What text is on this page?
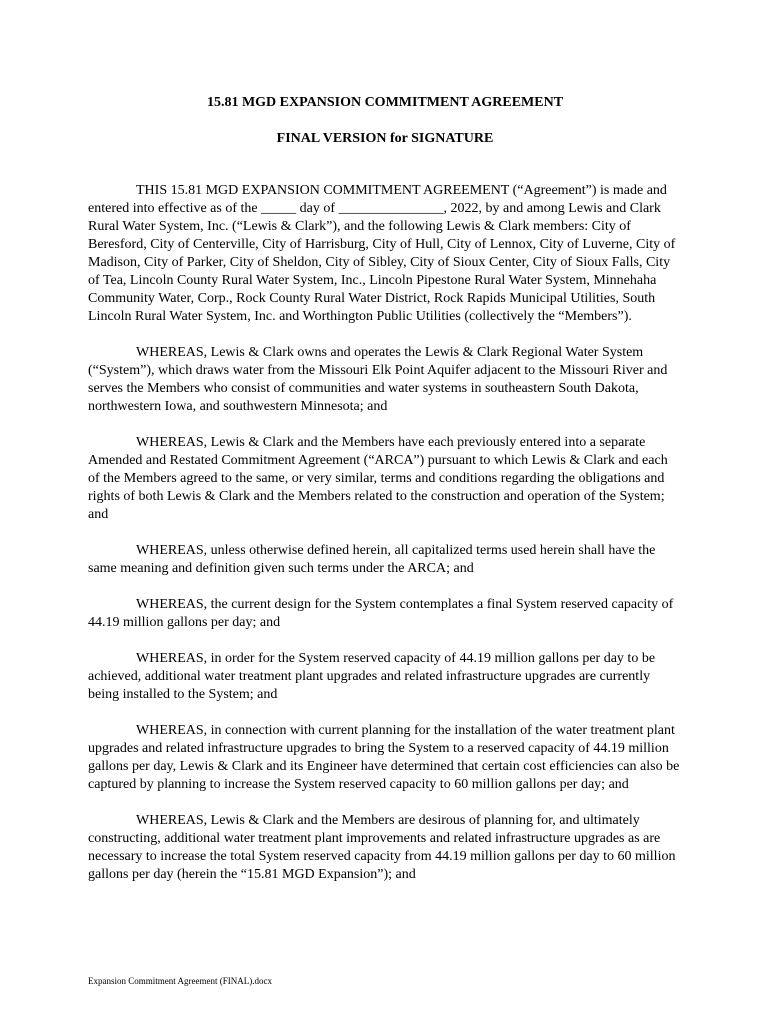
15.81 MGD EXPANSION COMMITMENT AGREEMENT

FINAL VERSION for SIGNATURE

THIS 15.81 MGD EXPANSION COMMITMENT AGREEMENT (“Agreement”) is made and entered into effective as of the _____ day of _______________, 2022, by and among Lewis and Clark Rural Water System, Inc. (“Lewis & Clark”), and the following Lewis & Clark members: City of Beresford, City of Centerville, City of Harrisburg, City of Hull, City of Lennox, City of Luverne, City of Madison, City of Parker, City of Sheldon, City of Sibley, City of Sioux Center, City of Sioux Falls, City of Tea, Lincoln County Rural Water System, Inc., Lincoln Pipestone Rural Water System, Minnehaha Community Water, Corp., Rock County Rural Water District, Rock Rapids Municipal Utilities, South Lincoln Rural Water System, Inc. and Worthington Public Utilities (collectively the “Members”).

WHEREAS, Lewis & Clark owns and operates the Lewis & Clark Regional Water System (“System”), which draws water from the Missouri Elk Point Aquifer adjacent to the Missouri River and serves the Members who consist of communities and water systems in southeastern South Dakota, northwestern Iowa, and southwestern Minnesota; and

WHEREAS, Lewis & Clark and the Members have each previously entered into a separate Amended and Restated Commitment Agreement (“ARCA”) pursuant to which Lewis & Clark and each of the Members agreed to the same, or very similar, terms and conditions regarding the obligations and rights of both Lewis & Clark and the Members related to the construction and operation of the System; and

WHEREAS, unless otherwise defined herein, all capitalized terms used herein shall have the same meaning and definition given such terms under the ARCA; and

WHEREAS, the current design for the System contemplates a final System reserved capacity of 44.19 million gallons per day; and

WHEREAS, in order for the System reserved capacity of 44.19 million gallons per day to be achieved, additional water treatment plant upgrades and related infrastructure upgrades are currently being installed to the System; and

WHEREAS, in connection with current planning for the installation of the water treatment plant upgrades and related infrastructure upgrades to bring the System to a reserved capacity of 44.19 million gallons per day, Lewis & Clark and its Engineer have determined that certain cost efficiencies can also be captured by planning to increase the System reserved capacity to 60 million gallons per day; and

WHEREAS, Lewis & Clark and the Members are desirous of planning for, and ultimately constructing, additional water treatment plant improvements and related infrastructure upgrades as are necessary to increase the total System reserved capacity from 44.19 million gallons per day to 60 million gallons per day (herein the “15.81 MGD Expansion”); and

Expansion Commitment Agreement (FINAL).docx
